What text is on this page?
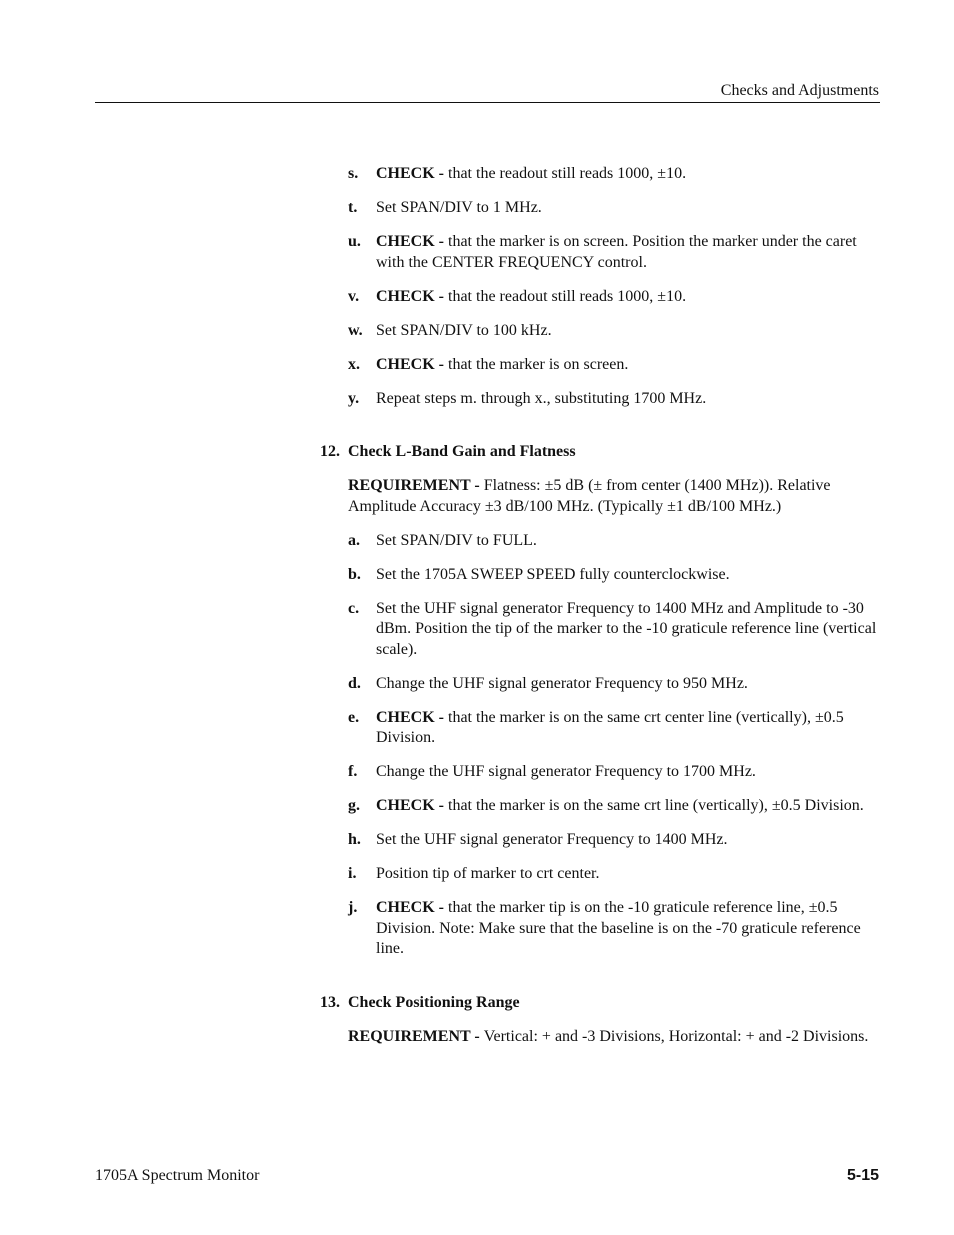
Checks and Adjustments
s. CHECK - that the readout still reads 1000, ±10.
t. Set SPAN/DIV to 1 MHz.
u. CHECK - that the marker is on screen. Position the marker under the caret with the CENTER FREQUENCY control.
v. CHECK - that the readout still reads 1000, ±10.
w. Set SPAN/DIV to 100 kHz.
x. CHECK - that the marker is on screen.
y. Repeat steps m. through x., substituting 1700 MHz.
12. Check L-Band Gain and Flatness
REQUIREMENT - Flatness: ±5 dB (± from center (1400 MHz)). Relative Amplitude Accuracy ±3 dB/100 MHz. (Typically ±1 dB/100 MHz.)
a. Set SPAN/DIV to FULL.
b. Set the 1705A SWEEP SPEED fully counterclockwise.
c. Set the UHF signal generator Frequency to 1400 MHz and Amplitude to -30 dBm. Position the tip of the marker to the -10 graticule reference line (vertical scale).
d. Change the UHF signal generator Frequency to 950 MHz.
e. CHECK - that the marker is on the same crt center line (vertically), ±0.5 Division.
f. Change the UHF signal generator Frequency to 1700 MHz.
g. CHECK - that the marker is on the same crt line (vertically), ±0.5 Division.
h. Set the UHF signal generator Frequency to 1400 MHz.
i. Position tip of marker to crt center.
j. CHECK - that the marker tip is on the -10 graticule reference line, ±0.5 Division. Note: Make sure that the baseline is on the -70 graticule reference line.
13. Check Positioning Range
REQUIREMENT - Vertical: + and -3 Divisions, Horizontal: + and -2 Divisions.
1705A Spectrum Monitor	5-15
